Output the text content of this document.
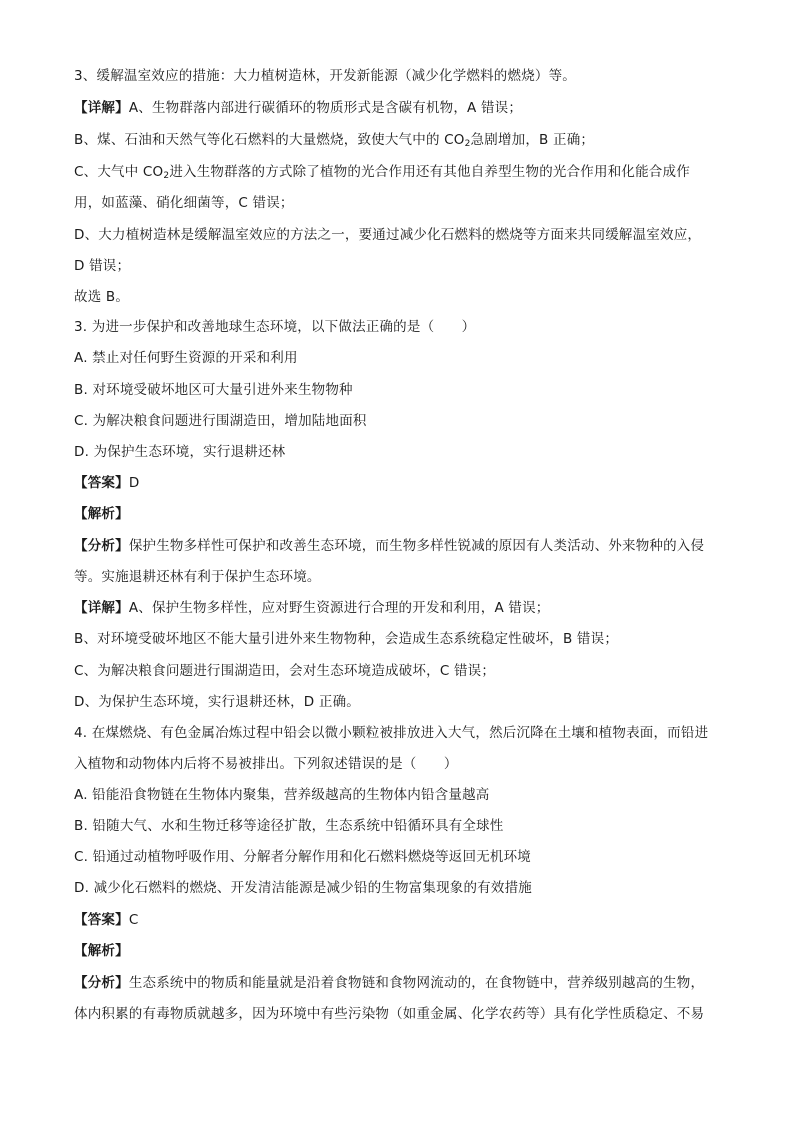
3、缓解温室效应的措施：大力植树造林，开发新能源（减少化学燃料的燃烧）等。
【详解】A、生物群落内部进行碳循环的物质形式是含碳有机物，A 错误；
B、煤、石油和天然气等化石燃料的大量燃烧，致使大气中的 $CO_2$急剧增加，B 正确；
C、大气中 $CO_2$进入生物群落的方式除了植物的光合作用还有其他自养型生物的光合作用和化能合成作
用，如蓝藻、硝化细菌等，C 错误；
D、大力植树造林是缓解温室效应的方法之一，要通过减少化石燃料的燃烧等方面来共同缓解温室效应，
D 错误；
故选 B。
3. 为进一步保护和改善地球生态环境，以下做法正确的是（　　）
A. 禁止对任何野生资源的开采和利用
B. 对环境受破坏地区可大量引进外来生物物种
C. 为解决粮食问题进行围湖造田，增加陆地面积
D. 为保护生态环境，实行退耕还林
【答案】D
【解析】
【分析】保护生物多样性可保护和改善生态环境，而生物多样性锐减的原因有人类活动、外来物种的入侵
等。实施退耕还林有利于保护生态环境。
【详解】A、保护生物多样性，应对野生资源进行合理的开发和利用，A 错误；
B、对环境受破坏地区不能大量引进外来生物物种，会造成生态系统稳定性破坏，B 错误；
C、为解决粮食问题进行围湖造田，会对生态环境造成破坏，C 错误；
D、为保护生态环境，实行退耕还林，D 正确。
4. 在煤燃烧、有色金属冶炼过程中铅会以微小颗粒被排放进入大气，然后沉降在土壤和植物表面，而铅进
入植物和动物体内后将不易被排出。下列叙述错误的是（　　）
A. 铅能沿食物链在生物体内聚集，营养级越高的生物体内铅含量越高
B. 铅随大气、水和生物迁移等途径扩散，生态系统中铅循环具有全球性
C. 铅通过动植物呼吸作用、分解者分解作用和化石燃料燃烧等返回无机环境
D. 减少化石燃料的燃烧、开发清洁能源是减少铅的生物富集现象的有效措施
【答案】C
【解析】
【分析】生态系统中的物质和能量就是沿着食物链和食物网流动的，在食物链中，营养级别越高的生物，
体内积累的有毒物质就越多，因为环境中有些污染物（如重金属、化学农药等）具有化学性质稳定、不易
